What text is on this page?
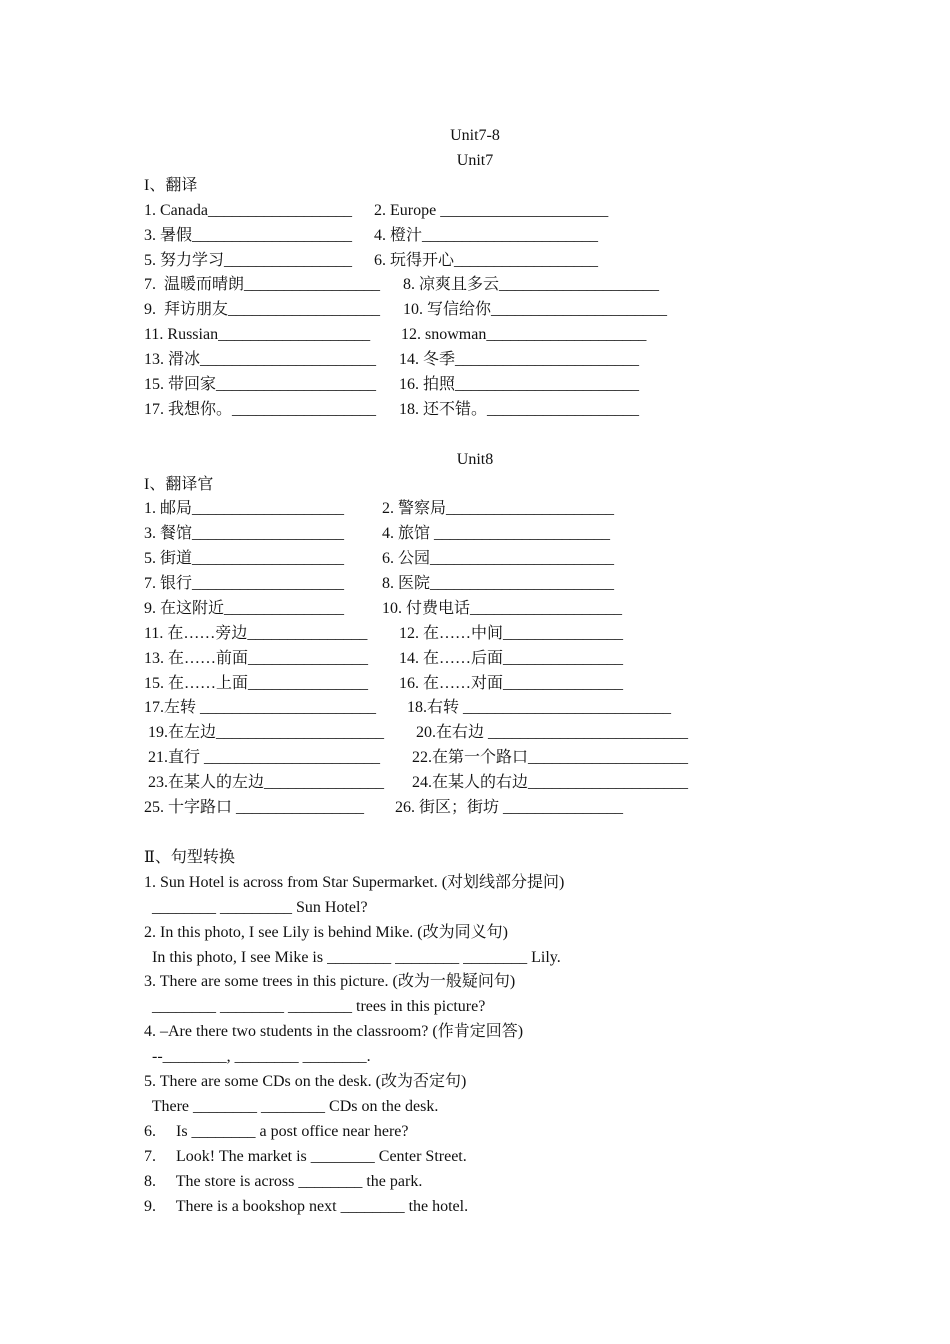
Unit7-8
Unit7
I、翻译
1. Canada__________________ 2. Europe _____________________
3. 暑假____________________ 4. 橙汁______________________
5. 努力学习________________ 6. 玩得开心__________________
7.  温暖而晴朗_________________ 8. 凉爽且多云____________________
9.  拜访朋友___________________ 10. 写信给你______________________
11. Russian___________________ 12. snowman____________________
13. 滑冰______________________ 14. 冬季_______________________
15. 带回家____________________ 16. 拍照_______________________
17. 我想你。__________________ 18. 还不错。___________________
Unit8
I、翻译官
1. 邮局___________________ 2. 警察局_____________________
3. 餐馆___________________ 4. 旅馆 ______________________
5. 街道___________________ 6. 公园_______________________
7. 银行___________________ 8. 医院_______________________
9. 在这附近_______________ 10. 付费电话___________________
11. 在……旁边_______________ 12. 在……中间_______________
13. 在……前面_______________ 14. 在……后面_______________
15. 在……上面_______________ 16. 在……对面_______________
17.左转 ______________________ 18.右转 __________________________
19.在左边_____________________ 20.在右边 _________________________
21.直行 ______________________ 22.在第一个路口____________________
23.在某人的左边_______________ 24.在某人的右边____________________
25. 十字路口 ________________ 26. 街区；街坊 _______________
Ⅱ、句型转换
1. Sun Hotel is across from Star Supermarket. (对划线部分提问)
________ _________ Sun Hotel?
2. In this photo, I see Lily is behind Mike. (改为同义句)
In this photo, I see Mike is ________ ________ ________ Lily.
3. There are some trees in this picture. (改为一般疑问句)
________ ________ ________ trees in this picture?
4. –Are there two students in the classroom? (作肯定回答)
--________, ________ ________.
5. There are some CDs on the desk. (改为否定句)
There ________ ________ CDs on the desk.
6.     Is ________ a post office near here?
7.     Look! The market is ________ Center Street.
8.     The store is across ________ the park.
9.     There is a bookshop next ________ the hotel.
